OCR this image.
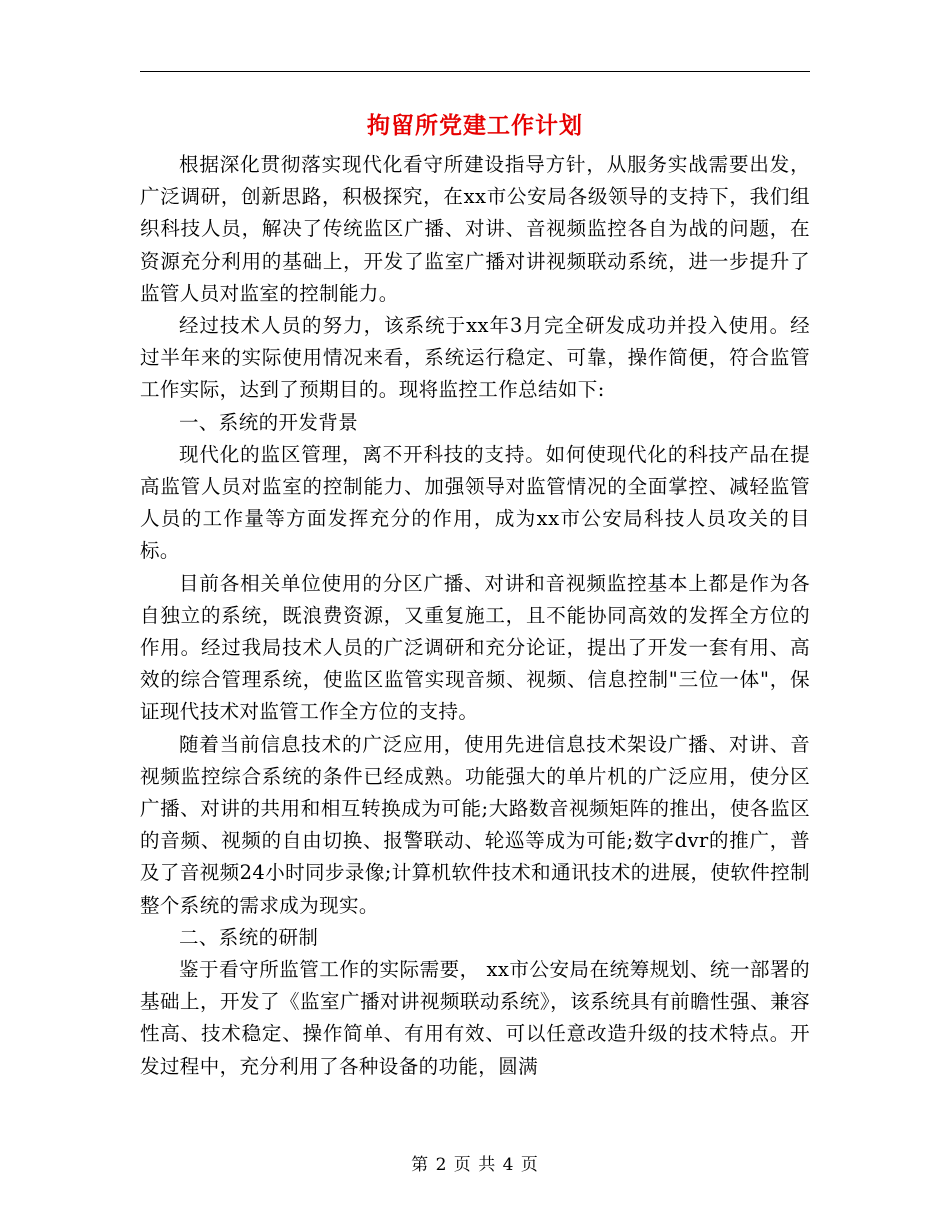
拘留所党建工作计划

根据深化贯彻落实现代化看守所建设指导方针，从服务实战需要出发，广泛调研，创新思路，积极探究，在xx市公安局各级领导的支持下，我们组织科技人员，解决了传统监区广播、对讲、音视频监控各自为战的问题，在资源充分利用的基础上，开发了监室广播对讲视频联动系统，进一步提升了监管人员对监室的控制能力。

经过技术人员的努力，该系统于xx年3月完全研发成功并投入使用。经过半年来的实际使用情况来看，系统运行稳定、可靠，操作简便，符合监管工作实际，达到了预期目的。现将监控工作总结如下:

一、系统的开发背景

现代化的监区管理，离不开科技的支持。如何使现代化的科技产品在提高监管人员对监室的控制能力、加强领导对监管情况的全面掌控、减轻监管人员的工作量等方面发挥充分的作用，成为xx市公安局科技人员攻关的目标。

目前各相关单位使用的分区广播、对讲和音视频监控基本上都是作为各自独立的系统，既浪费资源，又重复施工，且不能协同高效的发挥全方位的作用。经过我局技术人员的广泛调研和充分论证，提出了开发一套有用、高效的综合管理系统，使监区监管实现音频、视频、信息控制"三位一体"，保证现代技术对监管工作全方位的支持。

随着当前信息技术的广泛应用，使用先进信息技术架设广播、对讲、音视频监控综合系统的条件已经成熟。功能强大的单片机的广泛应用，使分区广播、对讲的共用和相互转换成为可能;大路数音视频矩阵的推出，使各监区的音频、视频的自由切换、报警联动、轮巡等成为可能;数字dvr的推广，普及了音视频24小时同步录像;计算机软件技术和通讯技术的进展，使软件控制整个系统的需求成为现实。

二、系统的研制

鉴于看守所监管工作的实际需要， xx市公安局在统筹规划、统一部署的基础上，开发了《监室广播对讲视频联动系统》，该系统具有前瞻性强、兼容性高、技术稳定、操作简单、有用有效、可以任意改造升级的技术特点。开发过程中，充分利用了各种设备的功能，圆满

第 2 页 共 4 页
